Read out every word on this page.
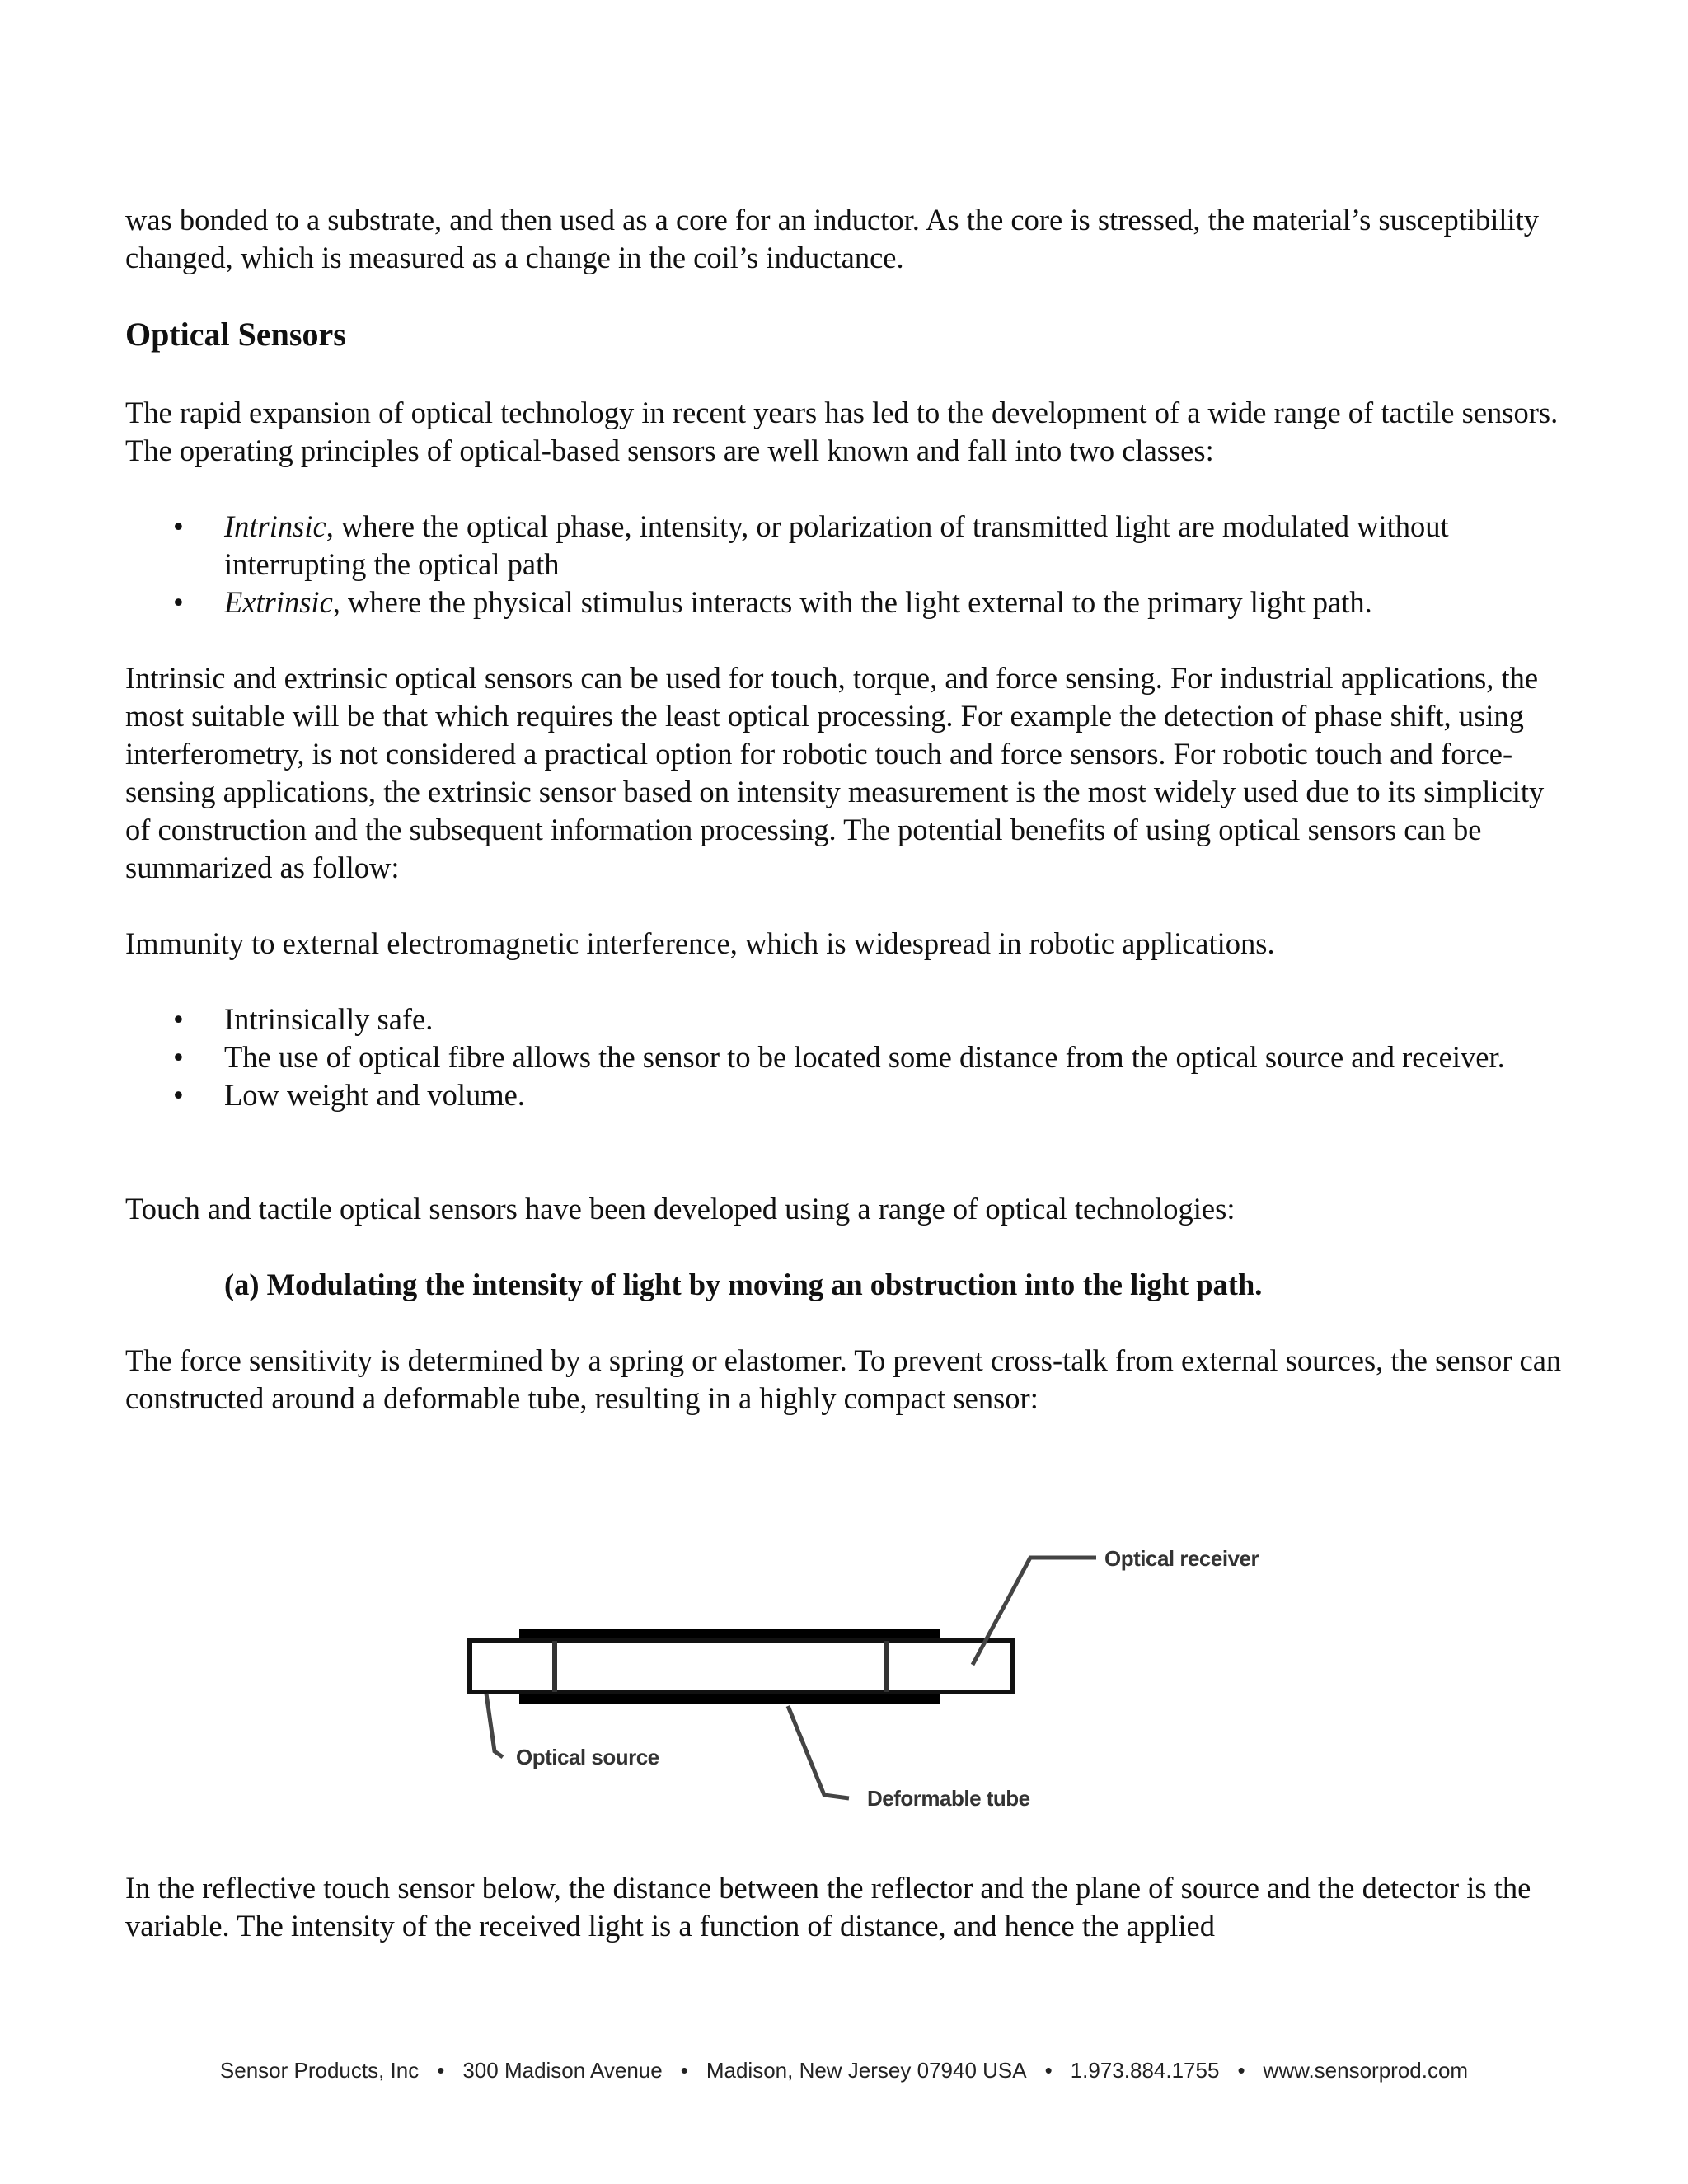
was bonded to a substrate, and then used as a core for an inductor. As the core is stressed, the material’s susceptibility changed, which is measured as a change in the coil’s inductance.
Optical Sensors
The rapid expansion of optical technology in recent years has led to the development of a wide range of tactile sensors. The operating principles of optical-based sensors are well known and fall into two classes:
• Intrinsic, where the optical phase, intensity, or polarization of transmitted light are modulated without interrupting the optical path
• Extrinsic, where the physical stimulus interacts with the light external to the primary light path.
Intrinsic and extrinsic optical sensors can be used for touch, torque, and force sensing. For industrial applications, the most suitable will be that which requires the least optical processing. For example the detection of phase shift, using interferometry, is not considered a practical option for robotic touch and force sensors. For robotic touch and force-sensing applications, the extrinsic sensor based on intensity measurement is the most widely used due to its simplicity of construction and the subsequent information processing. The potential benefits of using optical sensors can be summarized as follow:
Immunity to external electromagnetic interference, which is widespread in robotic applications.
• Intrinsically safe.
• The use of optical fibre allows the sensor to be located some distance from the optical source and receiver.
• Low weight and volume.
Touch and tactile optical sensors have been developed using a range of optical technologies:
(a) Modulating the intensity of light by moving an obstruction into the light path.
The force sensitivity is determined by a spring or elastomer. To prevent cross-talk from external sources, the sensor can constructed around a deformable tube, resulting in a highly compact sensor:
Optical receiver
Optical source
Deformable tube
In the reflective touch sensor below, the distance between the reflector and the plane of source and the detector is the variable. The intensity of the received light is a function of distance, and hence the applied
Sensor Products, Inc • 300 Madison Avenue • Madison, New Jersey 07940 USA • 1.973.884.1755 • www.sensorprod.com
